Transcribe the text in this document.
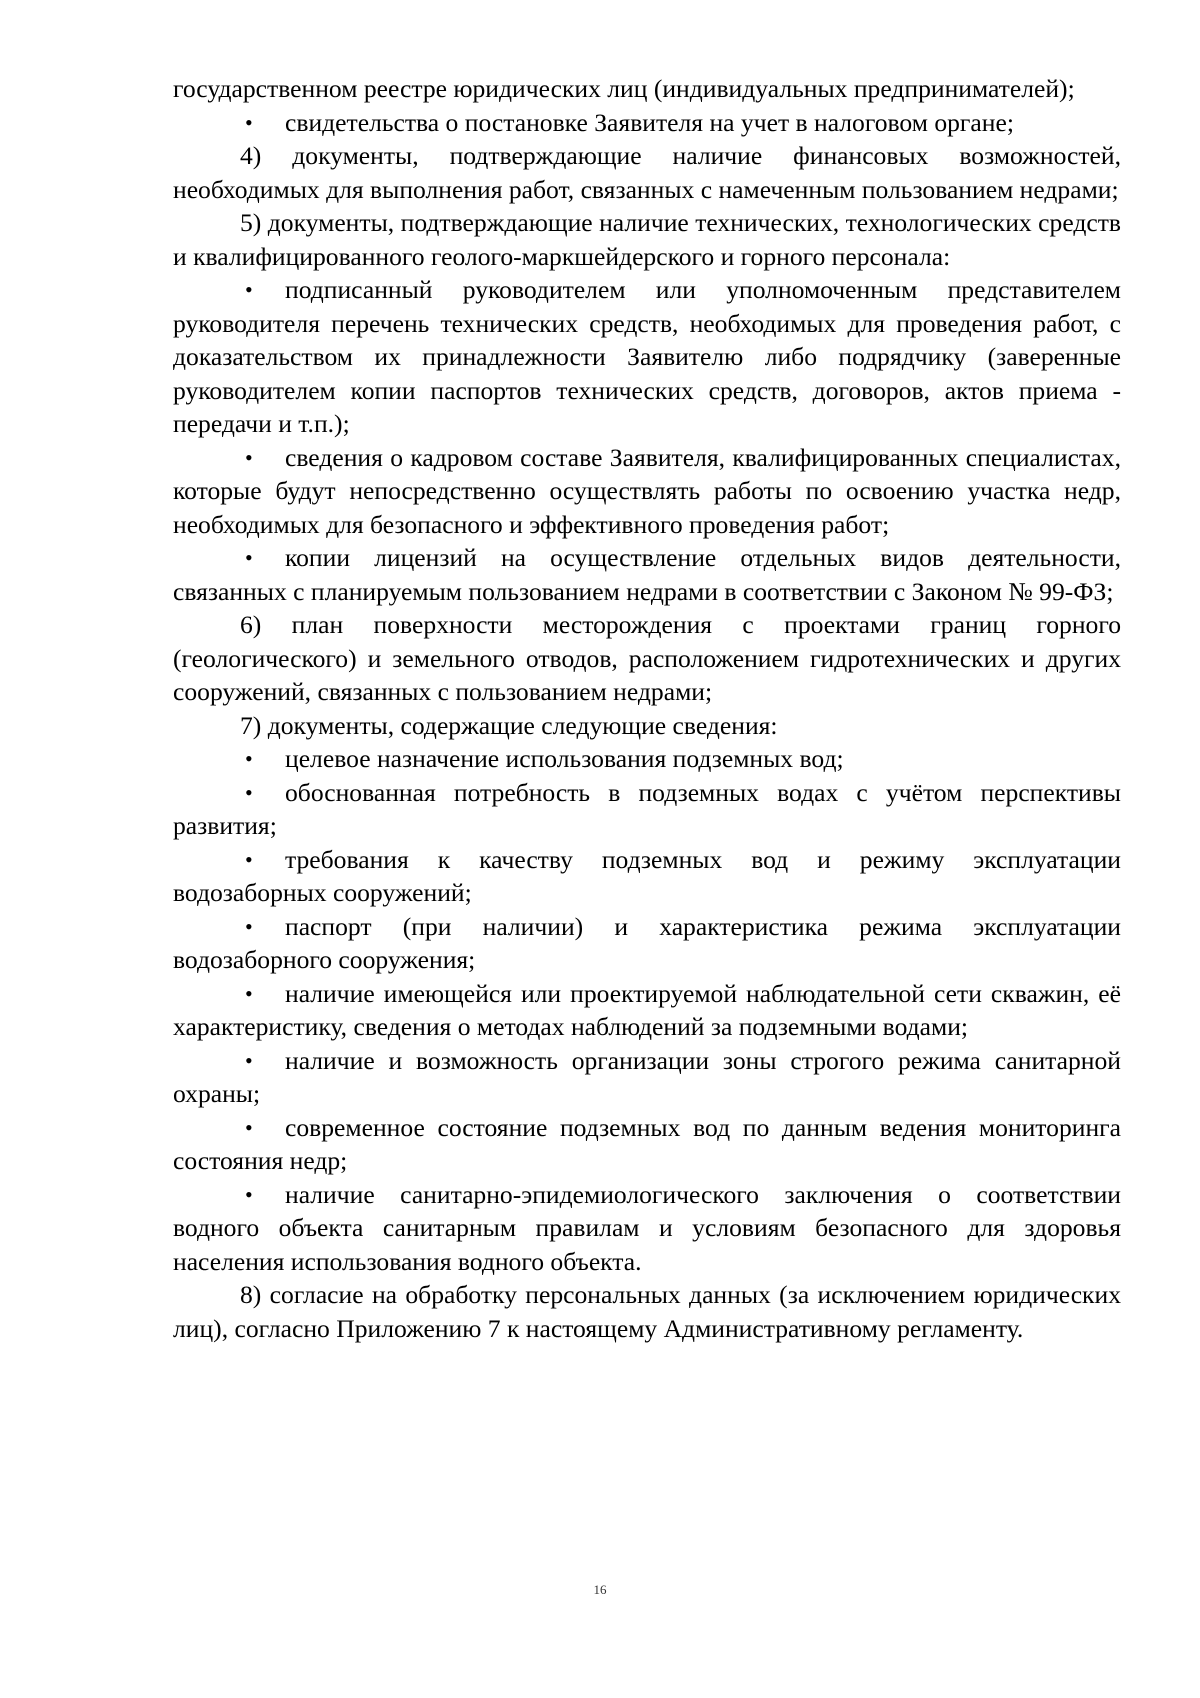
государственном реестре юридических лиц (индивидуальных предпринимателей);

•	свидетельства о постановке Заявителя на учет в налоговом органе;

4) документы, подтверждающие наличие финансовых возможностей, необходимых для выполнения работ, связанных с намеченным пользованием недрами;

5) документы, подтверждающие наличие технических, технологических средств и квалифицированного геолого-маркшейдерского и горного персонала:

•	подписанный руководителем или уполномоченным представителем руководителя перечень технических средств, необходимых для проведения работ, с доказательством их принадлежности Заявителю либо подрядчику (заверенные руководителем копии паспортов технических средств, договоров, актов приема - передачи и т.п.);

•	сведения о кадровом составе Заявителя, квалифицированных специалистах, которые будут непосредственно осуществлять работы по освоению участка недр, необходимых для безопасного и эффективного проведения работ;

•	копии лицензий на осуществление отдельных видов деятельности, связанных с планируемым пользованием недрами в соответствии с Законом № 99-ФЗ;

6) план поверхности месторождения с проектами границ горного (геологического) и земельного отводов, расположением гидротехнических и других сооружений, связанных с пользованием недрами;

7) документы, содержащие следующие сведения:

•	целевое назначение использования подземных вод;

•	обоснованная потребность в подземных водах с учётом перспективы развития;

•	требования к качеству подземных вод и режиму эксплуатации водозаборных сооружений;

•	паспорт (при наличии) и характеристика режима эксплуатации водозаборного сооружения;

•	наличие имеющейся или проектируемой наблюдательной сети скважин, её характеристику, сведения о методах наблюдений за подземными водами;

•	наличие и возможность организации зоны строгого режима санитарной охраны;

•	современное состояние подземных вод по данным ведения мониторинга состояния недр;

•	наличие санитарно-эпидемиологического заключения о соответствии водного объекта санитарным правилам и условиям безопасного для здоровья населения использования водного объекта.

8) согласие на обработку персональных данных (за исключением юридических лиц), согласно Приложению 7 к настоящему Административному регламенту.

16
